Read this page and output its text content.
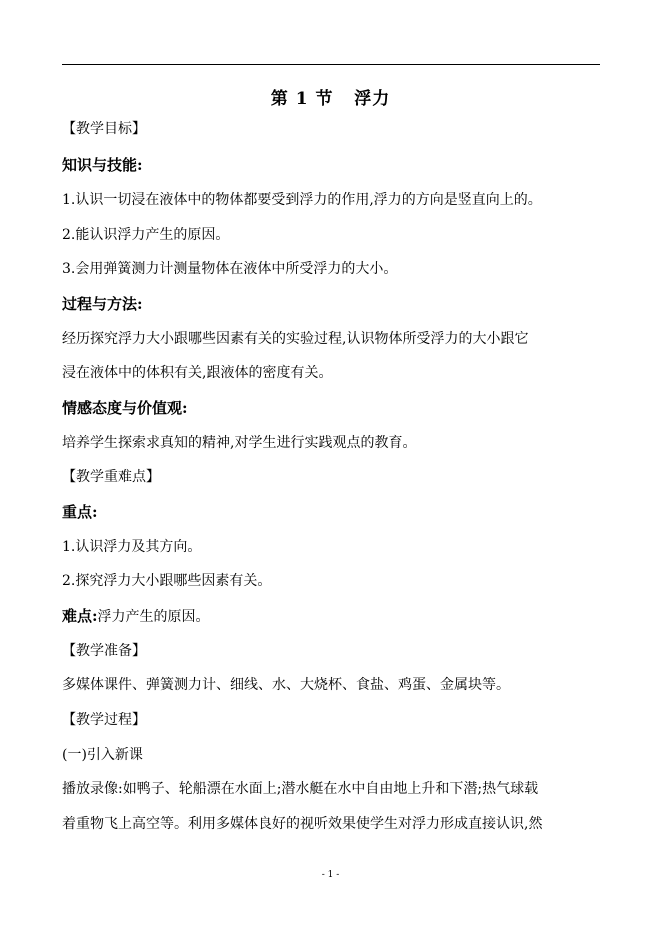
第 1 节   浮力
【教学目标】
知识与技能:
1.认识一切浸在液体中的物体都要受到浮力的作用,浮力的方向是竖直向上的。
2.能认识浮力产生的原因。
3.会用弹簧测力计测量物体在液体中所受浮力的大小。
过程与方法:
经历探究浮力大小跟哪些因素有关的实验过程,认识物体所受浮力的大小跟它
浸在液体中的体积有关,跟液体的密度有关。
情感态度与价值观:
培养学生探索求真知的精神,对学生进行实践观点的教育。
【教学重难点】
重点:
1.认识浮力及其方向。
2.探究浮力大小跟哪些因素有关。
难点:浮力产生的原因。
【教学准备】
多媒体课件、弹簧测力计、细线、水、大烧杯、食盐、鸡蛋、金属块等。
【教学过程】
(一)引入新课
播放录像:如鸭子、轮船漂在水面上;潜水艇在水中自由地上升和下潜;热气球载
着重物飞上高空等。利用多媒体良好的视听效果使学生对浮力形成直接认识,然
- 1 -
